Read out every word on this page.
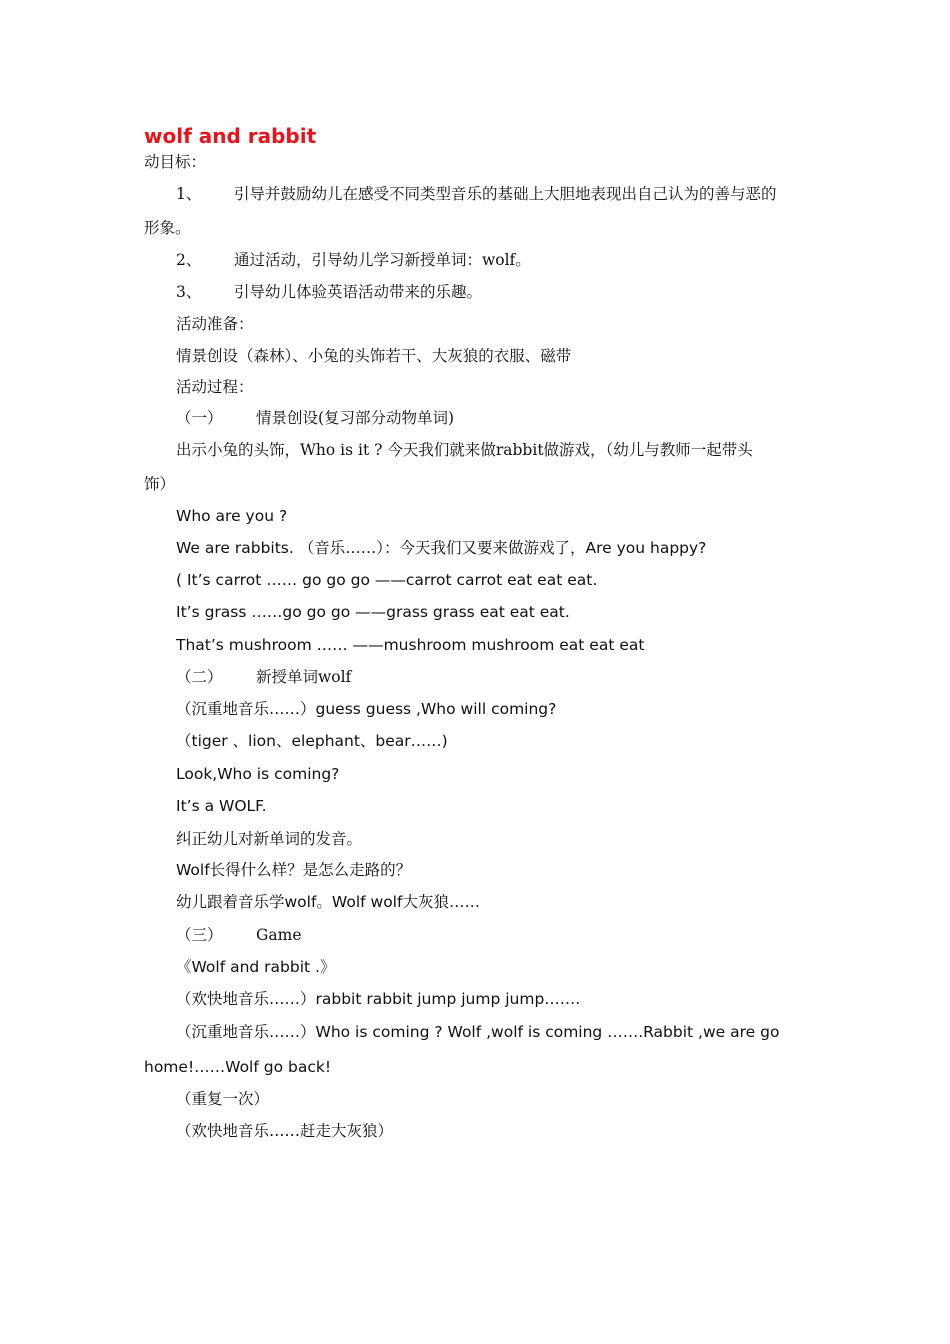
wolf and rabbit
动目标：
1、 引导并鼓励幼儿在感受不同类型音乐的基础上大胆地表现出自己认为的善与恶的
形象。
2、 通过活动，引导幼儿学习新授单词：wolf。
3、 引导幼儿体验英语活动带来的乐趣。
活动准备：
情景创设（森林）、小兔的头饰若干、大灰狼的衣服、磁带
活动过程：
（一） 情景创设(复习部分动物单词)
出示小兔的头饰，Who is it ? 今天我们就来做rabbit做游戏，（幼儿与教师一起带头
饰）
Who are you ?
We are rabbits. （音乐……）：今天我们又要来做游戏了，Are you happy?
( It’s carrot …… go go go ——carrot carrot eat eat eat.
It’s grass ……go go go ——grass grass eat eat eat.
That’s mushroom …… ——mushroom mushroom eat eat eat
（二） 新授单词wolf
（沉重地音乐……）guess guess ,Who will coming?
（tiger 、lion、elephant、bear……)
Look,Who is coming?
It’s a WOLF.
纠正幼儿对新单词的发音。
Wolf长得什么样？是怎么走路的？
幼儿跟着音乐学wolf。Wolf wolf大灰狼……
（三） Game
《Wolf and rabbit .》
（欢快地音乐……）rabbit rabbit jump jump jump…….
（沉重地音乐……）Who is coming ? Wolf ,wolf is coming …….Rabbit ,we are go
home!……Wolf go back!
（重复一次）
（欢快地音乐……赶走大灰狼）
